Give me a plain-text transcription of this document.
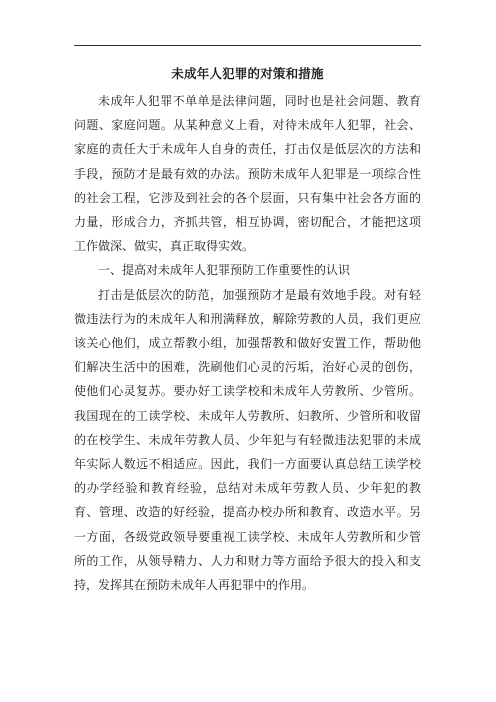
未成年人犯罪的对策和措施

未成年人犯罪不单单是法律问题，同时也是社会问题、教育问题、家庭问题。从某种意义上看，对待未成年人犯罪，社会、家庭的责任大于未成年人自身的责任，打击仅是低层次的方法和手段，预防才是最有效的办法。预防未成年人犯罪是一项综合性的社会工程，它涉及到社会的各个层面，只有集中社会各方面的力量，形成合力，齐抓共管，相互协调，密切配合，才能把这项工作做深、做实，真正取得实效。

一、提高对未成年人犯罪预防工作重要性的认识

打击是低层次的防范，加强预防才是最有效地手段。对有轻微违法行为的未成年人和刑满释放，解除劳教的人员，我们更应该关心他们，成立帮教小组，加强帮教和做好安置工作，帮助他们解决生活中的困难，洗刷他们心灵的污垢，治好心灵的创伤，使他们心灵复苏。要办好工读学校和未成年人劳教所、少管所。我国现在的工读学校、未成年人劳教所、妇教所、少管所和收留的在校学生、未成年劳教人员、少年犯与有轻微违法犯罪的未成年实际人数远不相适应。因此，我们一方面要认真总结工读学校的办学经验和教育经验，总结对未成年劳教人员、少年犯的教育、管理、改造的好经验，提高办校办所和教育、改造水平。另一方面，各级党政领导要重视工读学校、未成年人劳教所和少管所的工作，从领导精力、人力和财力等方面给予很大的投入和支持，发挥其在预防未成年人再犯罪中的作用。
